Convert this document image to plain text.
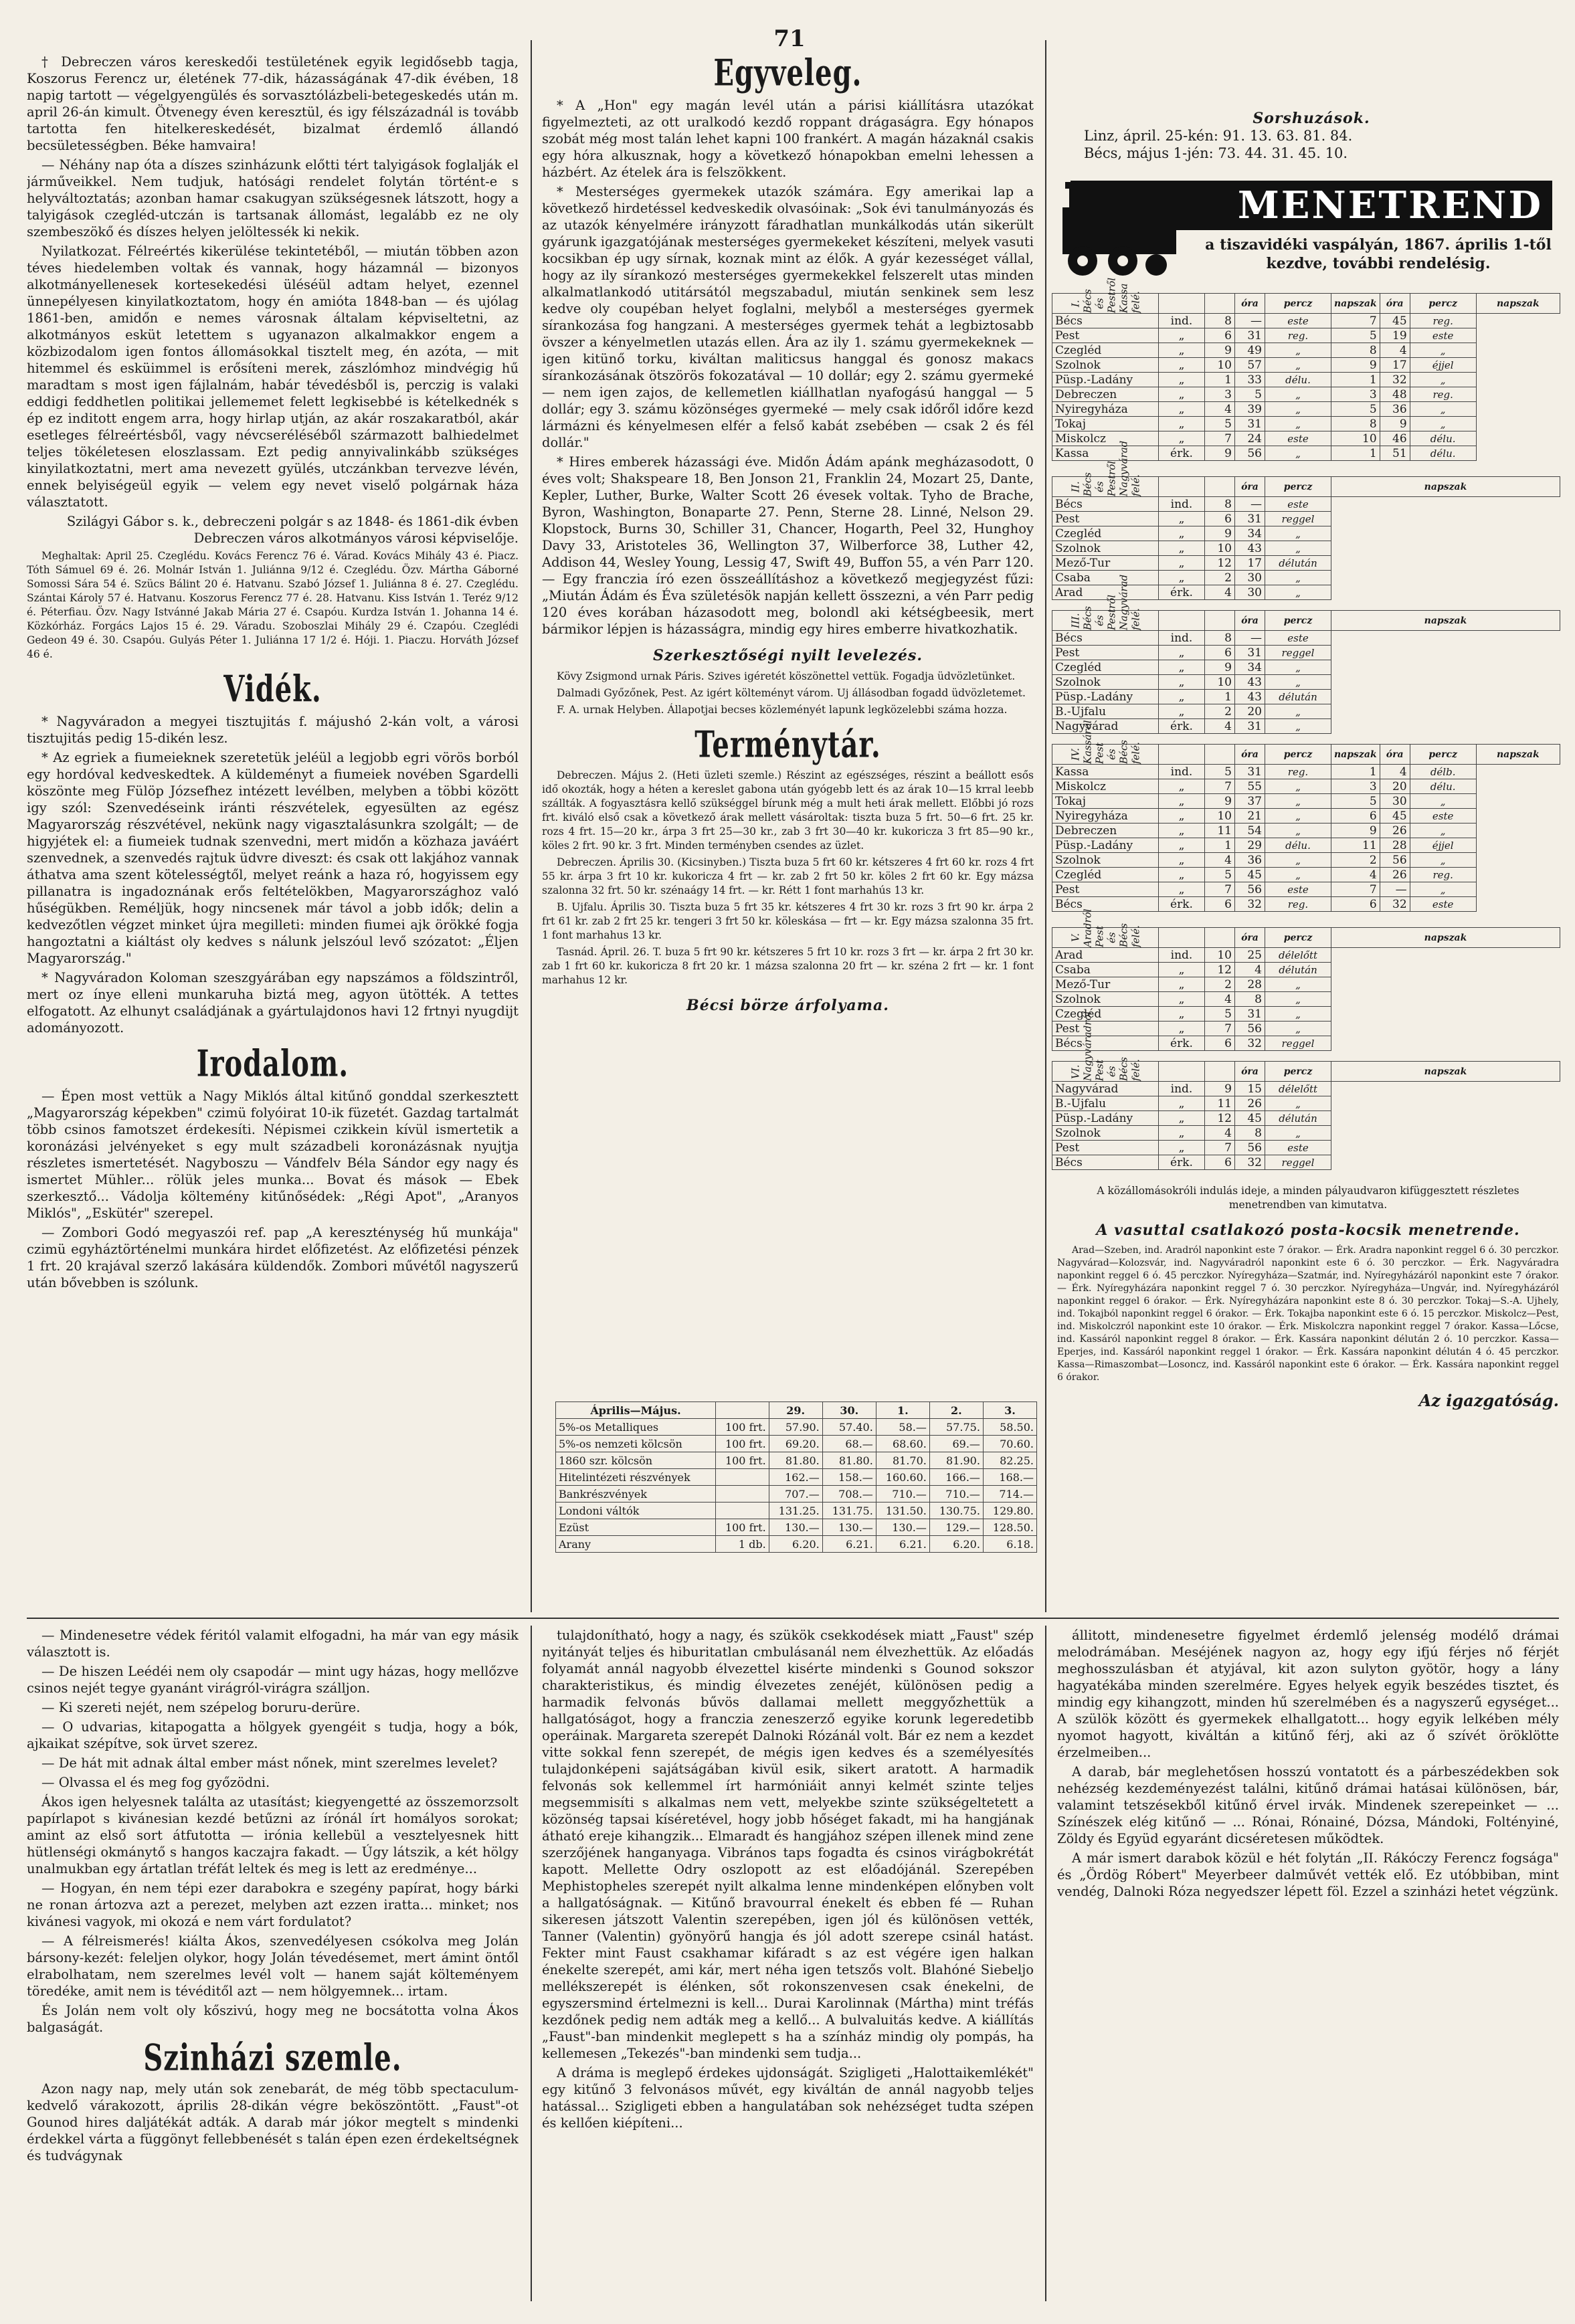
71

† Debreczen város kereskedői testületének egyik legidősebb tagja, Koszorus Ferencz ur, életének 77-dik, házasságának 47-dik évében, 18 napig tartott — végelgyengülés és sorvasztólázbeli-betegeskedés után m. april 26-án kimult. Ötvenegy éven keresztül, és igy félszázadnál is tovább tartotta fen hitelkereskedését, bizalmat érdemlő állandó becsületességben. Béke hamvaira!

— Néhány nap óta a díszes szinházunk előtti tért talyigások foglalják el járműveikkel. Nem tudjuk, hatósági rendelet folytán történt-e s helyváltoztatás; azonban hamar csakugyan szükségesnek látszott, hogy a talyigások czegléd-utczán is tartsanak állomást, legalább ez ne oly szembeszökő és díszes helyen jelöltessék ki nekik.

Nyilatkozat. Félreértés kikerülése tekintetéből, — miután többen azon téves hiedelemben voltak és vannak, hogy házamnál — bizonyos alkotmányellenesek kortesekedési üléséül adtam helyet, ezennel ünnepélyesen kinyilatkoztatom, hogy én amióta 1848-ban — és ujólag 1861-ben, amidőn e nemes városnak általam képviseltetni, az alkotmányos esküt letettem s ugyanazon alkalmakkor engem a közbizodalom igen fontos állomásokkal tisztelt meg, én azóta, — mit hitemmel és esküimmel is erősíteni merek, zászlómhoz mindvégig hű maradtam s most igen fájlalnám, habár tévedésből is, perczig is valaki eddigi feddhetlen politikai jellememet felett legkisebbé is kételkednék s ép ez inditott engem arra, hogy hirlap utján, az akár roszakaratból, akár esetleges félreértésből, vagy névcseréléséből származott balhiedelmet teljes tökéletesen eloszlassam. Ezt pedig annyivalinkább szükséges kinyilatkoztatni, mert ama nevezett gyülés, utczánkban tervezve lévén, ennek belyiségeül egyik — velem egy nevet viselő polgárnak háza választatott.

Szilágyi Gábor s. k., debreczeni polgár s az 1848- és 1861-dik évben Debreczen város alkotmányos városi képviselője.

Meghaltak: April 25. Czeglédu. Kovács Ferencz 76 é. Várad. Kovács Mihály 43 é. Piacz. Tóth Sámuel 69 é. 26. Molnár István 1. Juliánna 9/12 é. Czeglédu. Özv. Mártha Gáborné Somossi Sára 54 é. Szücs Bálint 20 é. Hatvanu. Szabó József 1. Juliánna 8 é. 27. Czeglédu. Szántai Károly 57 é. Hatvanu. Koszorus Ferencz 77 é. 28. Hatvanu. Kiss István 1. Teréz 9/12 é. Péterfiau. Özv. Nagy Istvánné Jakab Mária 27 é. Csapóu. Kurdza István 1. Johanna 14 é. Közkórház. Forgács Lajos 15 é. 29. Váradu. Szoboszlai Mihály 29 é. Czapóu. Czeglédi Gedeon 49 é. 30. Csapóu. Gulyás Péter 1. Juliánna 17 1/2 é. Hóji. 1. Piaczu. Horváth József 46 é.

Vidék.

* Nagyváradon a megyei tisztujitás f. májushó 2-kán volt, a városi tisztujitás pedig 15-dikén lesz.

* Az egriek a fiumeieknek szeretetük jeléül a legjobb egri vörös borból egy hordóval kedveskedtek. A küldeményt a fiumeiek novében Sgardelli köszönte meg Fülöp Józsefhez intézett levélben, melyben a többi között igy szól: Szenvedéseink iránti részvételek, egyesülten az egész Magyarország részvétével, nekünk nagy vigasztalásunkra szolgált; — de higyjétek el: a fiumeiek tudnak szenvedni, mert midőn a közhaza javáért szenvednek, a szenvedés rajtuk üdvre diveszt: és csak ott lakjához vannak áthatva ama szent kötelességtől, melyet reánk a haza ró, hogyissem egy pillanatra is ingadoznának erős feltételökben, Magyarországhoz való hűségükben. Reméljük, hogy nincsenek már távol a jobb idők; delin a kedvezőtlen végzet minket újra megilleti: minden fiumei ajk örökké fogja hangoztatni a kiáltást oly kedves s nálunk jelszóul levő szózatot: „Éljen Magyarország."

* Nagyváradon Koloman szeszgyárában egy napszámos a földszintről, mert oz ínye elleni munkaruha biztá meg, agyon ütötték. A tettes elfogatott. Az elhunyt családjának a gyártulajdonos havi 12 frtnyi nyugdijt adományozott.

Irodalom.

— Épen most vettük a Nagy Miklós által kitűnő gonddal szerkesztett „Magyarország képekben" czimü folyóirat 10-ik füzetét. Gazdag tartalmát több csinos famotszet érdekesíti. Népismei czikkein kívül ismertetik a koronázási jelvényeket s egy mult századbeli koronázásnak nyujtja részletes ismertetését. Nagyboszu — Vándfelv Béla Sándor egy nagy és ismertet Mühler... rölük jeles munka... Bovat és mások — Ebek szerkesztő... Vádolja költemény kitűnősédek: „Régi Apot", „Aranyos Miklós", „Eskütér" szerepel.

— Zombori Godó megyaszói ref. pap „A kereszténység hű munkája" czimü egyháztörténelmi munkára hirdet előfizetést. Az előfizetési pénzek 1 frt. 20 krajával szerző lakására küldendők. Zombori művétől nagyszerű után bővebben is szólunk.

Egyveleg.

* A „Hon" egy magán levél után a párisi kiállításra utazókat figyelmezteti, az ott uralkodó kezdő roppant drágaságra. Egy hónapos szobát még most talán lehet kapni 100 frankért. A magán házaknál csakis egy hóra alkusznak, hogy a következő hónapokban emelni lehessen a házbért. Az ételek ára is felszökkent.

* Mesterséges gyermekek utazók számára. Egy amerikai lap a következő hirdetéssel kedveskedik olvasóinak: „Sok évi tanulmányozás és az utazók kényelmére irányzott fáradhatlan munkálkodás után sikerült gyárunk igazgatójának mesterséges gyermekeket készíteni, melyek vasuti kocsikban ép ugy sírnak, koznak mint az élők. A gyár kezességet vállal, hogy az ily sírankozó mesterséges gyermekekkel felszerelt utas minden alkalmatlankodó utitársától megszabadul, miután senkinek sem lesz kedve oly coupéban helyet foglalni, melyből a mesterséges gyermek sírankozása fog hangzani. A mesterséges gyermek tehát a legbiztosabb övszer a kényelmetlen utazás ellen. Ára az ily 1. számu gyermekeknek — igen kitünő torku, kiváltan maliticsus hanggal és gonosz makacs sírankozásának ötszörös fokozatával — 10 dollár; egy 2. számu gyermeké — nem igen zajos, de kellemetlen kiállhatlan nyafogású hanggal — 5 dollár; egy 3. számu közönséges gyermeké — mely csak időről időre kezd lármázni és kényelmesen elfér a felső kabát zsebében — csak 2 és fél dollár."

* Hires emberek házassági éve. Midőn Ádám apánk megházasodott, 0 éves volt; Shakspeare 18, Ben Jonson 21, Franklin 24, Mozart 25, Dante, Kepler, Luther, Burke, Walter Scott 26 évesek voltak. Tyho de Brache, Byron, Washington, Bonaparte 27. Penn, Sterne 28. Linné, Nelson 29. Klopstock, Burns 30, Schiller 31, Chancer, Hogarth, Peel 32, Hunghoy Davy 33, Aristoteles 36, Wellington 37, Wilberforce 38, Luther 42, Addison 44, Wesley Young, Lessig 47, Swift 49, Buffon 55, a vén Parr 120. — Egy franczia író ezen összeállításhoz a következő megjegyzést fűzi: „Miután Ádám és Éva születésök napján kellett összezni, a vén Parr pedig 120 éves korában házasodott meg, bolondl aki kétségbeesik, mert bármikor lépjen is házasságra, mindig egy hires emberre hivatkozhatik.

Szerkesztőségi nyilt levelezés.

Kövy Zsigmond urnak Páris. Szives igéretét köszönettel vettük. Fogadja üdvözletünket.

Dalmadi Győzőnek, Pest. Az igért költeményt várom. Uj állásodban fogadd üdvözletemet.

F. A. urnak Helyben. Állapotjai becses közleményét lapunk legközelebbi száma hozza.

Terménytár.

Debreczen. Május 2. (Heti üzleti szemle.) Részint az egészséges, részint a beállott esős idő okozták, hogy a héten a kereslet gabona után gyógebb lett és az árak 10—15 krral leebb szállták. A fogyasztásra kellő szükséggel bírunk még a mult heti árak mellett. Előbbi jó rozs frt. kiváló első csak a következő árak mellett vásároltak: tiszta buza 5 frt. 50—6 frt. 25 kr. rozs 4 frt. 15—20 kr., árpa 3 frt 25—30 kr., zab 3 frt 30—40 kr. kukoricza 3 frt 85—90 kr., köles 2 frt. 90 kr. 3 frt. Minden terményben csendes az üzlet.

Debreczen. Április 30. (Kicsinyben.) Tiszta buza 5 frt 60 kr. kétszeres 4 frt 60 kr. rozs 4 frt 55 kr. árpa 3 frt 10 kr. kukoricza 4 frt — kr. zab 2 frt 50 kr. köles 2 frt 60 kr. Egy mázsa szalonna 32 frt. 50 kr. szénaágy 14 frt. — kr. Rétt 1 font marhahús 13 kr.

B. Ujfalu. Április 30. Tiszta buza 5 frt 35 kr. kétszeres 4 frt 30 kr. rozs 3 frt 90 kr. árpa 2 frt 61 kr. zab 2 frt 25 kr. tengeri 3 frt 50 kr. köleskása — frt — kr. Egy mázsa szalonna 35 frt. 1 font marhahus 13 kr.

Tasnád. Ápril. 26. T. buza 5 frt 90 kr. kétszeres 5 frt 10 kr. rozs 3 frt — kr. árpa 2 frt 30 kr. zab 1 frt 60 kr. kukoricza 8 frt 20 kr. 1 mázsa szalonna 20 frt — kr. széna 2 frt — kr. 1 font marhahus 12 kr.

Bécsi börze árfolyama.
Április—Május.		29.	30.	1.	2.	3.
5%-os Metalliques	100 frt.	57.90.	57.40.	58.—	57.75.	58.50.
5%-os nemzeti kölcsön	100 frt.	69.20.	68.—	68.60.	69.—	70.60.
1860 szr. kölcsön	100 frt.	81.80.	81.80.	81.70.	81.90.	82.25.
Hitelintézeti részvények		162.—	158.—	160.60.	166.—	168.—
Bankrészvények		707.—	708.—	710.—	710.—	714.—
Londoni váltók		131.25.	131.75.	131.50.	130.75.	129.80.
Ezüst	100 frt.	130.—	130.—	130.—	129.—	128.50.
Arany	1 db.	6.20.	6.21.	6.21.	6.20.	6.18.
Sorshuzások.
Linz, ápril. 25-kén: 91. 13. 63. 81. 84.
Bécs, május 1-jén: 73. 44. 31. 45. 10.
MENETREND
a tiszavidéki vaspályán, 1867. április 1-től kezdve, további rendelésig.
I. Bécs és Pestről Kassa felé.			óra	percz	napszak	óra	percz	napszak
Bécs	ind.	8	—	este	7	45	reg.	
Pest	„	6	31	reg.	5	19	este	
Czegléd	„	9	49	„	8	4	„	
Szolnok	„	10	57	„	9	17	éjjel	
Püsp.-Ladány	„	1	33	délu.	1	32	„	
Debreczen	„	3	5	„	3	48	reg.	
Nyiregyháza	„	4	39	„	5	36	„	
Tokaj	„	5	31	„	8	9	„	
Miskolcz	„	7	24	este	10	46	délu.	
Kassa	érk.	9	56	„	1	51	délu.	
II. Bécs és Pestről Nagyvárad felé.			óra	percz	napszak
Bécs	ind.	8	—	este	
Pest	„	6	31	reggel	
Czegléd	„	9	34	„	
Szolnok	„	10	43	„	
Mező-Tur	„	12	17	délután	
Csaba	„	2	30	„	
Arad	érk.	4	30	„	
III. Bécs és Pestről Nagyvárad felé.			óra	percz	napszak
Bécs	ind.	8	—	este	
Pest	„	6	31	reggel	
Czegléd	„	9	34	„	
Szolnok	„	10	43	„	
Püsp.-Ladány	„	1	43	délután	
B.-Ujfalu	„	2	20	„	
Nagyvárad	érk.	4	31	„	
IV. Kassáról Pest és Bécs felé.			óra	percz	napszak	óra	percz	napszak
Kassa	ind.	5	31	reg.	1	4	délb.	
Miskolcz	„	7	55	„	3	20	délu.	
Tokaj	„	9	37	„	5	30	„	
Nyiregyháza	„	10	21	„	6	45	este	
Debreczen	„	11	54	„	9	26	„	
Püsp.-Ladány	„	1	29	délu.	11	28	éjjel	
Szolnok	„	4	36	„	2	56	„	
Czegléd	„	5	45	„	4	26	reg.	
Pest	„	7	56	este	7	—	„	
Bécs	érk.	6	32	reg.	6	32	este	
V. Aradról Pest és Bécs felé.			óra	percz	napszak
Arad	ind.	10	25	délelőtt	
Csaba	„	12	4	délután	
Mező-Tur	„	2	28	„	
Szolnok	„	4	8	„	
Czegléd	„	5	31	„	
Pest	„	7	56	„	
Bécs	érk.	6	32	reggel	
VI. Nagyváradról Pest és Bécs felé.			óra	percz	napszak
Nagyvárad	ind.	9	15	délelőtt	
B.-Ujfalu	„	11	26	„	
Püsp.-Ladány	„	12	45	délután	
Szolnok	„	4	8	„	
Pest	„	7	56	este	
Bécs	érk.	6	32	reggel	

A közállomásokróli indulás ideje, a minden pályaudvaron kifüggesztett részletes menetrendben van kimutatva.

A vasuttal csatlakozó posta-kocsik menetrende.

Arad—Szeben, ind. Aradról naponkint este 7 órakor. — Érk. Aradra naponkint reggel 6 ó. 30 perczkor. Nagyvárad—Kolozsvár, ind. Nagyváradról naponkint este 6 ó. 30 perczkor. — Érk. Nagyváradra naponkint reggel 6 ó. 45 perczkor. Nyíregyháza—Szatmár, ind. Nyíregyházáról naponkint este 7 órakor. — Érk. Nyíregyházára naponkint reggel 7 ó. 30 perczkor. Nyíregyháza—Ungvár, ind. Nyíregyházáról naponkint reggel 6 órakor. — Érk. Nyíregyházára naponkint este 8 ó. 30 perczkor. Tokaj—S.-A. Ujhely, ind. Tokajból naponkint reggel 6 órakor. — Érk. Tokajba naponkint este 6 ó. 15 perczkor. Miskolcz—Pest, ind. Miskolczról naponkint este 10 órakor. — Érk. Miskolczra naponkint reggel 7 órakor. Kassa—Lőcse, ind. Kassáról naponkint reggel 8 órakor. — Érk. Kassára naponkint délután 2 ó. 10 perczkor. Kassa—Eperjes, ind. Kassáról naponkint reggel 1 órakor. — Érk. Kassára naponkint délután 4 ó. 45 perczkor. Kassa—Rimaszombat—Losoncz, ind. Kassáról naponkint este 6 órakor. — Érk. Kassára naponkint reggel 6 órakor.

Az igazgatóság.

— Mindenesetre védek féritól valamit elfogadni, ha már van egy másik választott is.

— De hiszen Leédéi nem oly csapodár — mint ugy házas, hogy mellőzve csinos nejét tegye gyanánt virágról-virágra szálljon.

— Ki szereti nejét, nem szépelog boruru-derüre.

— O udvarias, kitapogatta a hölgyek gyengéit s tudja, hogy a bók, ajkaikat szépítve, sok ürvet szerez.

— De hát mit adnak által ember mást nőnek, mint szerelmes levelet?

— Olvassa el és meg fog győzödni.

Ákos igen helyesnek találta az utasítást; kiegyengetté az összemorzsolt papírlapot s kivánesian kezdé betűzni az írónál írt homályos sorokat; amint az első sort átfutotta — irónia kellebül a vesztelyesnek hitt hütlenségi okmánytő s hangos kaczajra fakadt. — Úgy látszik, a két hölgy unalmukban egy ártatlan tréfát leltek és meg is lett az eredménye...

— Hogyan, én nem tépi ezer darabokra e szegény papírat, hogy bárki ne ronan ártozva azt a perezet, melyben azt ezzen iratta... minket; nos kivánesi vagyok, mi okozá e nem várt fordulatot?

— A félreismerés! kiálta Ákos, szenvedélyesen csókolva meg Jolán bársony-kezét: feleljen olykor, hogy Jolán tévedésemet, mert ámint öntől elrabolhatam, nem szerelmes levél volt — hanem saját költeményem töredéke, amit nem is tévéditől azt — nem hölgyemnek... irtam.

És Jolán nem volt oly kőszivú, hogy meg ne bocsátotta volna Ákos balgaságát.

Szinházi szemle.

Azon nagy nap, mely után sok zenebarát, de még több spectaculum-kedvelő várakozott, április 28-dikán végre beköszöntött. „Faust"-ot Gounod hires daljátékát adták. A darab már jókor megtelt s mindenki érdekkel várta a függönyt fellebbenését s talán épen ezen érdekeltségnek és tudvágynak

tulajdonítható, hogy a nagy, és szükök csekkodések miatt „Faust" szép nyitányát teljes és hiburitatlan cmbulásanál nem élvezhettük. Az előadás folyamát annál nagyobb élvezettel kisérte mindenki s Gounod sokszor charakteristikus, és mindig élvezetes zenéjét, különösen pedig a harmadik felvonás bűvös dallamai mellett meggyőzhettük a hallgatóságot, hogy a franczia zeneszerző egyike korunk legeredetibb operáinak. Margareta szerepét Dalnoki Rózánál volt. Bár ez nem a kezdet vitte sokkal fenn szerepét, de mégis igen kedves és a személyesítés tulajdonképeni sajátságában kivül esik, sikert aratott. A harmadik felvonás sok kellemmel írt harmóniáit annyi kelmét szinte teljes megsemmisíti s alkalmas nem vett, melyekbe szinte szükségeltetett a közönség tapsai kíséretével, hogy jobb hőséget fakadt, mi ha hangjának átható ereje kihangzik... Elmaradt és hangjához szépen illenek mind zene szerzőjének hanganyaga. Vibrános taps fogadta és csinos virágbokrétát kapott. Mellette Odry oszlopott az est előadójánál. Szerepében Mephistopheles szerepét nyilt alkalma lenne mindenképen előnyben volt a hallgatóságnak. — Kitűnő bravourral énekelt és ebben fé — Ruhan sikeresen játszott Valentin szerepében, igen jól és különösen vették, Tanner (Valentin) gyönyörű hangja és jól adott szerepe csinál hatást. Fekter mint Faust csakhamar kifáradt s az est végére igen halkan énekelte szerepét, ami kár, mert néha igen tetszős volt. Blahóné Siebeljo mellékszerepét is élénken, sőt rokonszenvesen csak énekelni, de egyszersmind értelmezni is kell... Durai Karolinnak (Mártha) mint tréfás kezdőnek pedig nem adták meg a kellő... A bulvaluitás kedve. A kiállítás „Faust"-ban mindenkit meglepett s ha a színház mindig oly pompás, ha kellemesen „Tekezés"-ban mindenki sem tudja...

A dráma is meglepő érdekes ujdonságát. Szigligeti „Halottaikemlékét" egy kitűnő 3 felvonásos művét, egy kiváltán de annál nagyobb teljes hatással... Szigligeti ebben a hangulatában sok nehézséget tudta szépen és kellően kiépíteni...

állitott, mindenesetre figyelmet érdemlő jelenség modélő drámai melodrámában. Meséjének nagyon az, hogy egy ifjú férjes nő férjét meghosszulásban ét atyjával, kit azon sulyton gyötör, hogy a lány hagyatékába minden szerelmére. Egyes helyek egyik beszédes tisztet, és mindig egy kihangzott, minden hű szerelmében és a nagyszerű egységet... A szülök között és gyermekek elhallgatott... hogy egyik lelkében mély nyomot hagyott, kiváltán a kitűnő férj, aki az ő szívét öröklötte érzelmeiben...

A darab, bár meglehetősen hosszú vontatott és a párbeszédekben sok nehézség kezdeményezést találni, kitűnő drámai hatásai különösen, bár, valamint tetszésekből kitűnő érvel irvák. Mindenek szerepeinket — ... Színészek elég kitűnő — ... Rónai, Rónainé, Dózsa, Mándoki, Foltényiné, Zöldy és Együd egyaránt dicséretesen működtek.

A már ismert darabok közül e hét folytán „II. Rákóczy Ferencz fogsága" és „Ördög Róbert" Meyerbeer dalművét vették elő. Ez utóbbiban, mint vendég, Dalnoki Róza negyedszer lépett föl. Ezzel a szinházi hetet végzünk.
